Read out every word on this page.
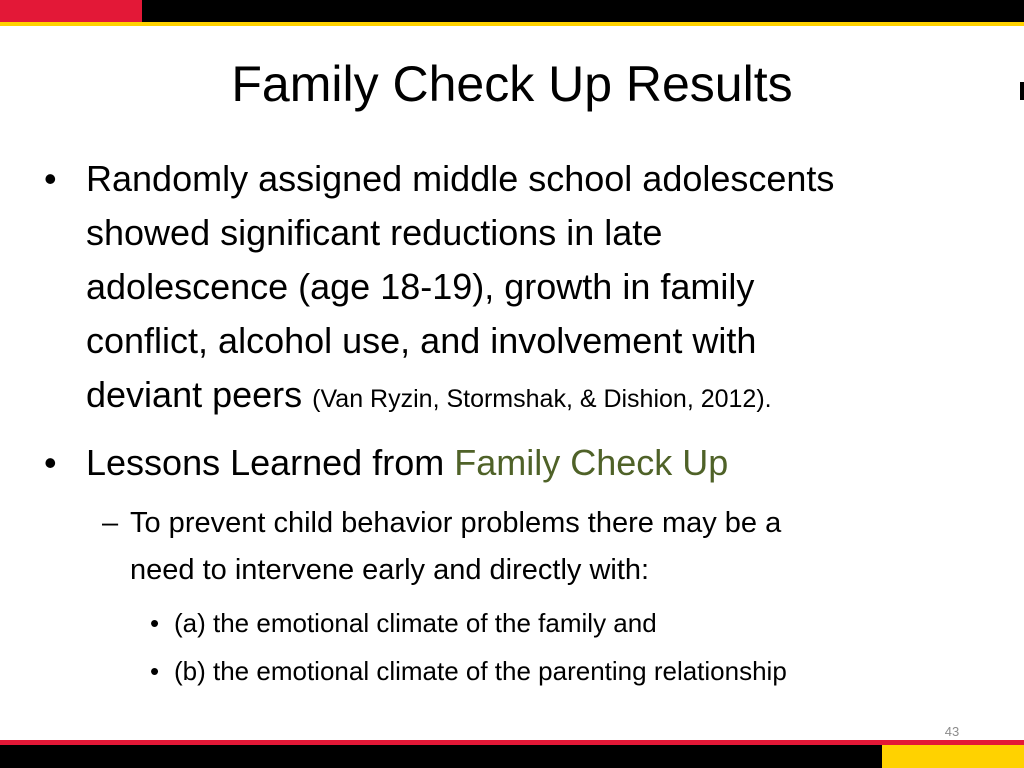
Family Check Up Results
• Randomly assigned middle school adolescents
showed significant reductions in late
adolescence (age 18-19), growth in family
conflict, alcohol use, and involvement with
deviant peers (Van Ryzin, Stormshak, & Dishion, 2012).
• Lessons Learned from Family Check Up
– To prevent child behavior problems there may be a
need to intervene early and directly with:
• (a) the emotional climate of the family and
• (b) the emotional climate of the parenting relationship
43
